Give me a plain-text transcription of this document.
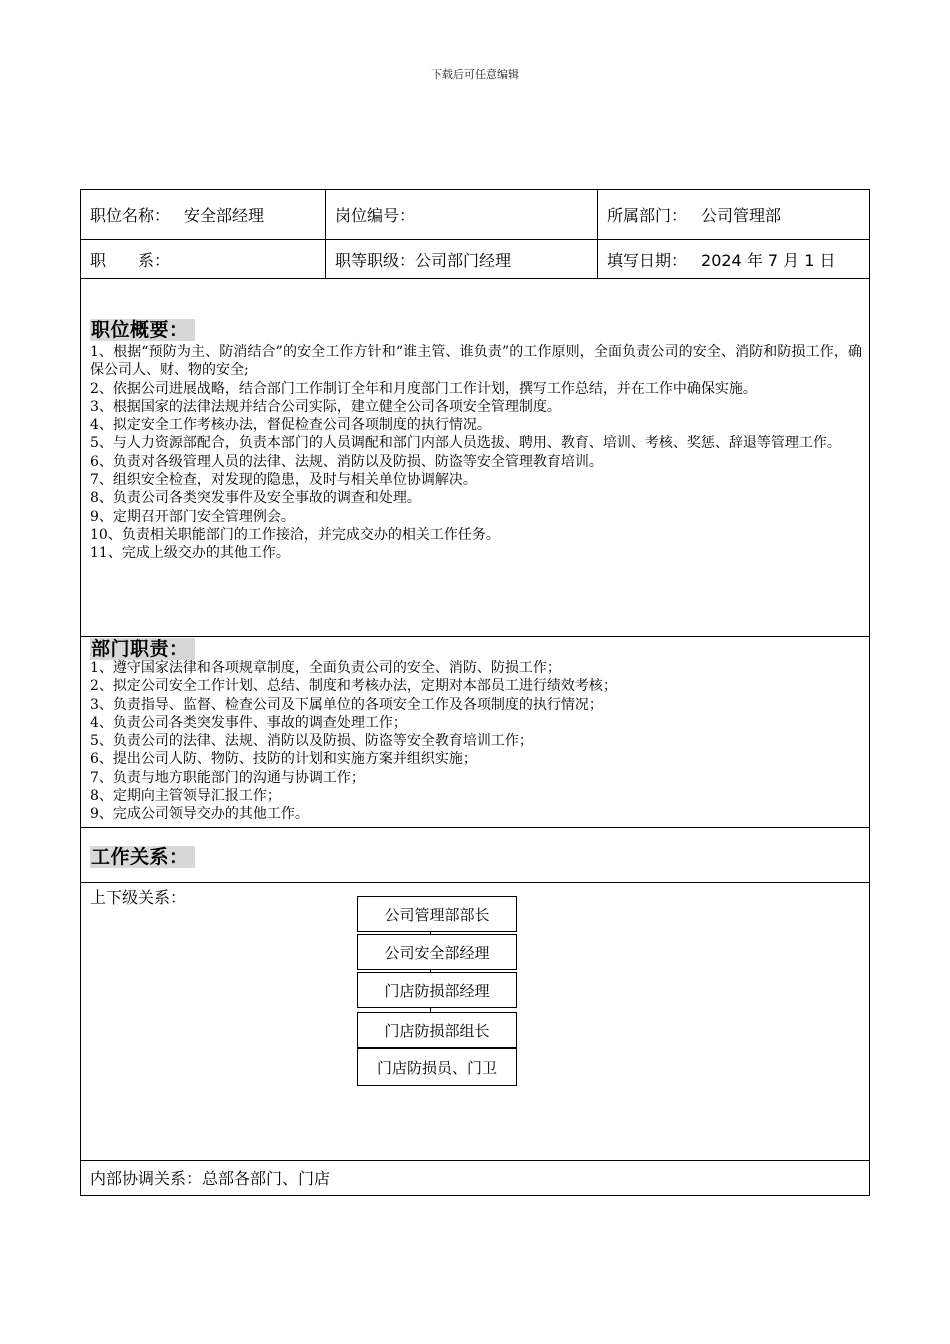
下载后可任意编辑
职位名称： 安全部经理	岗位编号：	所属部门： 公司管理部
职　　系：	职等职级： 公司部门经理	填写日期： 2024 年 7 月 1 日
职位概要：
1、根据“预防为主、防消结合”的安全工作方针和“谁主管、谁负责”的工作原则，全面负责公司的安全、消防和防损工作，确保公司人、财、物的安全;
2、依据公司进展战略，结合部门工作制订全年和月度部门工作计划，撰写工作总结，并在工作中确保实施。
3、根据国家的法律法规并结合公司实际，建立健全公司各项安全管理制度。
4、拟定安全工作考核办法，督促检查公司各项制度的执行情况。
5、与人力资源部配合，负责本部门的人员调配和部门内部人员选拔、聘用、教育、培训、考核、奖惩、辞退等管理工作。
6、负责对各级管理人员的法律、法规、消防以及防损、防盗等安全管理教育培训。
7、组织安全检查，对发现的隐患，及时与相关单位协调解决。
8、负责公司各类突发事件及安全事故的调查和处理。
9、定期召开部门安全管理例会。
10、负责相关职能部门的工作接洽，并完成交办的相关工作任务。
11、完成上级交办的其他工作。
部门职责：
1、遵守国家法律和各项规章制度，全面负责公司的安全、消防、防损工作；
2、拟定公司安全工作计划、总结、制度和考核办法，定期对本部员工进行绩效考核；
3、负责指导、监督、检查公司及下属单位的各项安全工作及各项制度的执行情况；
4、负责公司各类突发事件、事故的调查处理工作；
5、负责公司的法律、法规、消防以及防损、防盗等安全教育培训工作；
6、提出公司人防、物防、技防的计划和实施方案并组织实施；
7、负责与地方职能部门的沟通与协调工作；
8、定期向主管领导汇报工作；
9、完成公司领导交办的其他工作。
工作关系：
上下级关系：
公司管理部部长
公司安全部经理
门店防损部经理
门店防损部组长
门店防损员、门卫
内部协调关系：总部各部门、门店
